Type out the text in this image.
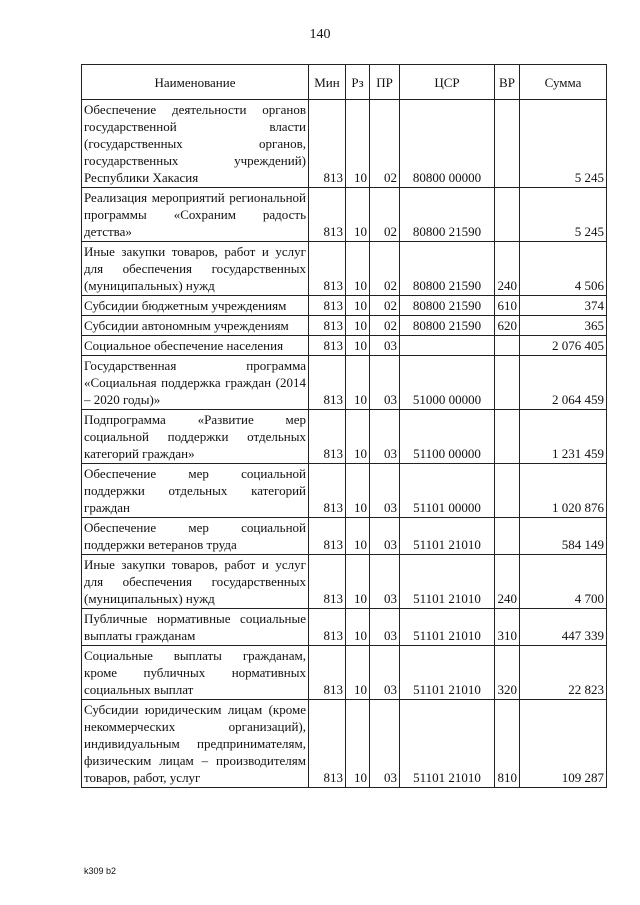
140
Наименование	Мин	Рз	ПР	ЦСР	ВР	Сумма
Обеспечение деятельности органов государственной власти (государственных органов, государственных учреждений) Республики Хакасия	813	10	02	80800 00000		5 245
Реализация мероприятий региональной программы «Сохраним радость детства»	813	10	02	80800 21590		5 245
Иные закупки товаров, работ и услуг для обеспечения государственных (муниципальных) нужд	813	10	02	80800 21590	240	4 506
Субсидии бюджетным учреждениям	813	10	02	80800 21590	610	374
Субсидии автономным учреждениям	813	10	02	80800 21590	620	365
Социальное обеспечение населения	813	10	03			2 076 405
Государственная программа «Социальная поддержка граждан (2014 – 2020 годы)»	813	10	03	51000 00000		2 064 459
Подпрограмма «Развитие мер социальной поддержки отдельных категорий граждан»	813	10	03	51100 00000		1 231 459
Обеспечение мер социальной поддержки отдельных категорий граждан	813	10	03	51101 00000		1 020 876
Обеспечение мер социальной поддержки ветеранов труда	813	10	03	51101 21010		584 149
Иные закупки товаров, работ и услуг для обеспечения государственных (муниципальных) нужд	813	10	03	51101 21010	240	4 700
Публичные нормативные социальные выплаты гражданам	813	10	03	51101 21010	310	447 339
Социальные выплаты гражданам, кроме публичных нормативных социальных выплат	813	10	03	51101 21010	320	22 823
Субсидии юридическим лицам (кроме некоммерческих организаций), индивидуальным предпринимателям, физическим лицам – производителям товаров, работ, услуг	813	10	03	51101 21010	810	109 287
k309 b2
